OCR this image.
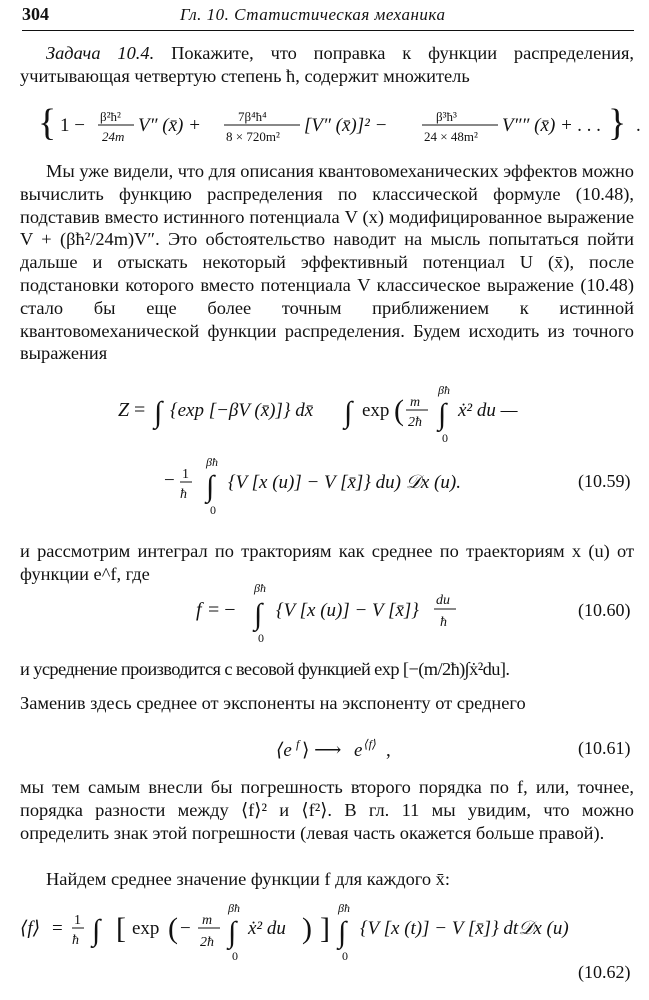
304	Гл. 10. Статистическая механика
Задача 10.4. Покажите, что поправка к функции распределения, учитывающая четвертую степень ħ, содержит множитель
{ 1 − β²ħ²
24m
V″ (x̄) +	7β⁴ħ⁴
8 × 720m²
[V″ (x̄)]² −	β³ħ³
24 × 48m²
V″″ (x̄) + . . . } .
Мы уже видели, что для описания квантовомеханических эффектов можно вычислить функцию распределения по классической формуле (10.48), подставив вместо истинного потенциала V (x) модифицированное выражение V + (βħ²/24m)V″. Это обстоятельство наводит на мысль попытаться пойти дальше и отыскать некоторый эффективный потенциал U (x̄), после подстановки которого вместо потенциала V классическое выражение (10.48) стало бы еще более точным приближением к истинной квантовомеханической функции распределения. Будем исходить из точного выражения
Z = ∫ {exp [−βV (x̄)]} dx̄ ∫ exp ( m
2ħ
βħ
∫
0
ẋ² du —
− 1
ħ
βħ
∫
0
{V [x (u)] − V [x̄]} du) 𝒟x (u).	(10.59)
и рассмотрим интеграл по тракториям как среднее по траекториям x (u) от функции e^f, где
f = −
βħ
∫
0
{V [x (u)] − V [x̄]} du
ħ
(10.60)
и усреднение производится с весовой функцией exp [−(m/2ħ)∫ẋ²du].
Заменив здесь среднее от экспоненты на экспоненту от среднего
⟨e f ⟩ ⟶ e ⟨f⟩ ,	(10.61)
мы тем самым внесли бы погрешность второго порядка по f, или, точнее, порядка разности между ⟨f⟩² и ⟨f²⟩. В гл. 11 мы увидим, что можно определить знак этой погрешности (левая часть окажется больше правой).
Найдем среднее значение функции f для каждого x̄:
⟨f⟩ = 1
ħ ∫ [ exp ( − m
2ħ
βħ
∫
0
ẋ² du ) ]
βħ
∫
0
{V [x (t)] − V [x̄]} dt𝒟x (u)
(10.62)
